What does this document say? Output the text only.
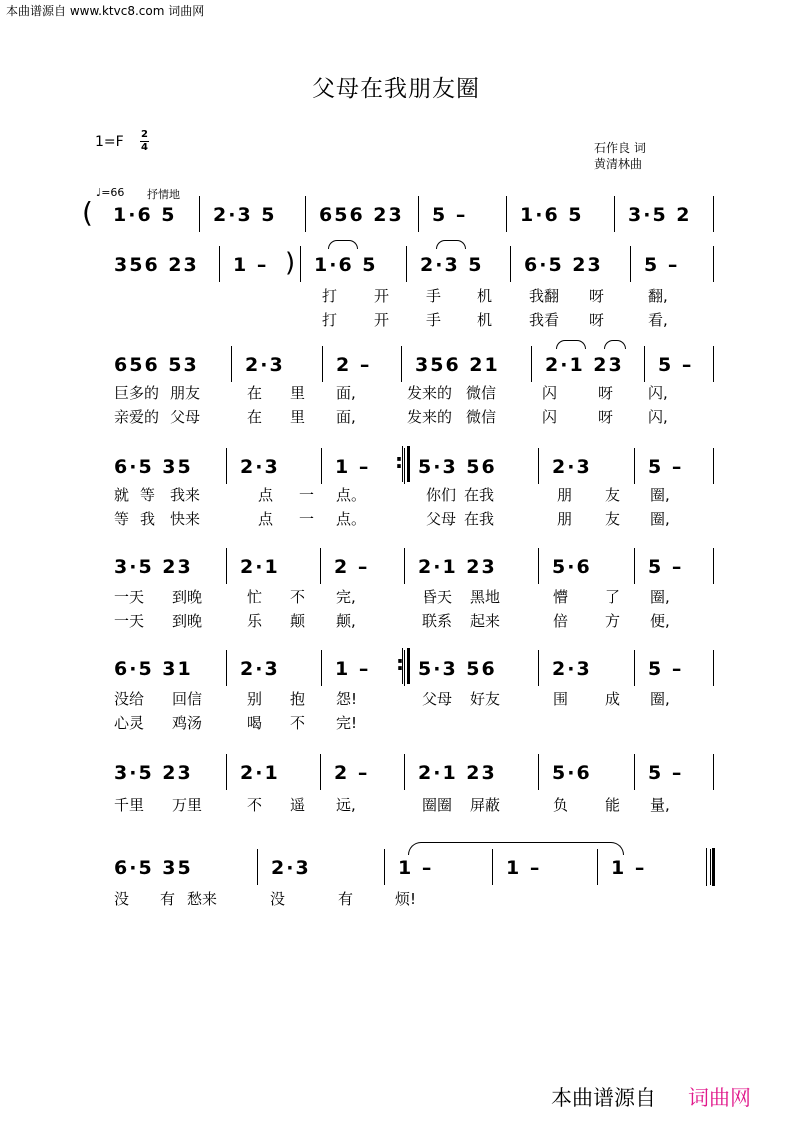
本曲谱源自 www.ktvc8.com 词曲网
父母在我朋友圈
1=F 2
4	石作良 词
黄清林曲
♩=66 抒情地
1·6 5	2·3 5	656 23	5 –	1·6 5	3·5 2
356 23	1 –	1·6 5	2·3 5	6·5 23	5 –
打 开 手 机 我翻 呀	翻,
打 开 手 机 我看 呀	看,
656 53	2·3	2 –	356 21	2·1 23	5 –
巨多的 朋友	在 里 面,	发来的 微信	闪	呀 闪,
亲爱的 父母	在 里 面,	发来的 微信	闪	呀 闪,
6·5 35	2·3	1 –	5·3 56	2·3	5 –
就 等 我来	点 一 点。	你们 在我	朋 友 圈,
等 我 快来	点 一 点。	父母 在我	朋 友 圈,
3·5 23	2·1	2 –	2·1 23	5·6	5 –
一天 到晚	忙 不 完,	昏天 黑地	懵 了 圈,
一天 到晚	乐 颠 颠,	联系 起来	倍 方 便,
6·5 31	2·3	1 –	5·3 56	2·3	5 –
没给 回信	别 抱 怨!	父母 好友	围 成 圈,
心灵 鸡汤	喝 不 完!
3·5 23	2·1	2 –	2·1 23	5·6	5 –
千里 万里	不 遥 远,	圈圈 屏蔽	负 能 量,
6·5 35	2·3	1 –	1 –	1 –
没 有 愁来	没	有	烦!
(
)
:
:
本曲谱源自 词曲网
